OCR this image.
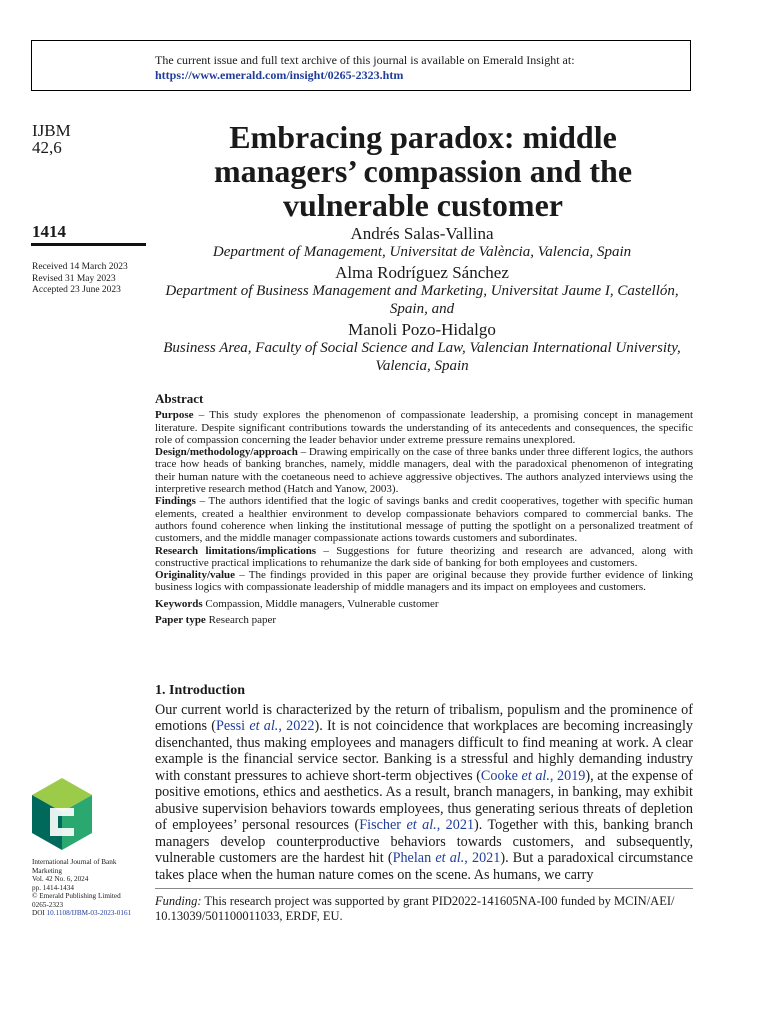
The current issue and full text archive of this journal is available on Emerald Insight at:
https://www.emerald.com/insight/0265-2323.htm
IJBM
42,6
1414
Received 14 March 2023
Revised 31 May 2023
Accepted 23 June 2023
Embracing paradox: middle managers’ compassion and the vulnerable customer
Andrés Salas-Vallina
Department of Management, Universitat de València, Valencia, Spain
Alma Rodríguez Sánchez
Department of Business Management and Marketing, Universitat Jaume I, Castellón, Spain, and
Manoli Pozo-Hidalgo
Business Area, Faculty of Social Science and Law, Valencian International University, Valencia, Spain
Abstract
Purpose – This study explores the phenomenon of compassionate leadership, a promising concept in management literature. Despite significant contributions towards the understanding of its antecedents and consequences, the specific role of compassion concerning the leader behavior under extreme pressure remains unexplored.
Design/methodology/approach – Drawing empirically on the case of three banks under three different logics, the authors trace how heads of banking branches, namely, middle managers, deal with the paradoxical phenomenon of integrating their human nature with the coetaneous need to achieve aggressive objectives. The authors analyzed interviews using the interpretive research method (Hatch and Yanow, 2003).
Findings – The authors identified that the logic of savings banks and credit cooperatives, together with specific human elements, created a healthier environment to develop compassionate behaviors compared to commercial banks. The authors found coherence when linking the institutional message of putting the spotlight on a personalized treatment of customers, and the middle manager compassionate actions towards customers and subordinates.
Research limitations/implications – Suggestions for future theorizing and research are advanced, along with constructive practical implications to rehumanize the dark side of banking for both employees and customers.
Originality/value – The findings provided in this paper are original because they provide further evidence of linking business logics with compassionate leadership of middle managers and its impact on employees and customers.
Keywords Compassion, Middle managers, Vulnerable customer
Paper type Research paper
1. Introduction
Our current world is characterized by the return of tribalism, populism and the prominence of emotions (Pessi et al., 2022). It is not coincidence that workplaces are becoming increasingly disenchanted, thus making employees and managers difficult to find meaning at work. A clear example is the financial service sector. Banking is a stressful and highly demanding industry with constant pressures to achieve short-term objectives (Cooke et al., 2019), at the expense of positive emotions, ethics and aesthetics. As a result, branch managers, in banking, may exhibit abusive supervision behaviors towards employees, thus generating serious threats of depletion of employees’ personal resources (Fischer et al., 2021). Together with this, banking branch managers develop counterproductive behaviors towards customers, and subsequently, vulnerable customers are the hardest hit (Phelan et al., 2021). But a paradoxical circumstance takes place when the human nature comes on the scene. As humans, we carry
Funding: This research project was supported by grant PID2022-141605NA-I00 funded by MCIN/AEI/ 10.13039/501100011033, ERDF, EU.
International Journal of Bank
Marketing
Vol. 42 No. 6, 2024
pp. 1414-1434
© Emerald Publishing Limited
0265-2323
DOI 10.1108/IJBM-03-2023-0161
